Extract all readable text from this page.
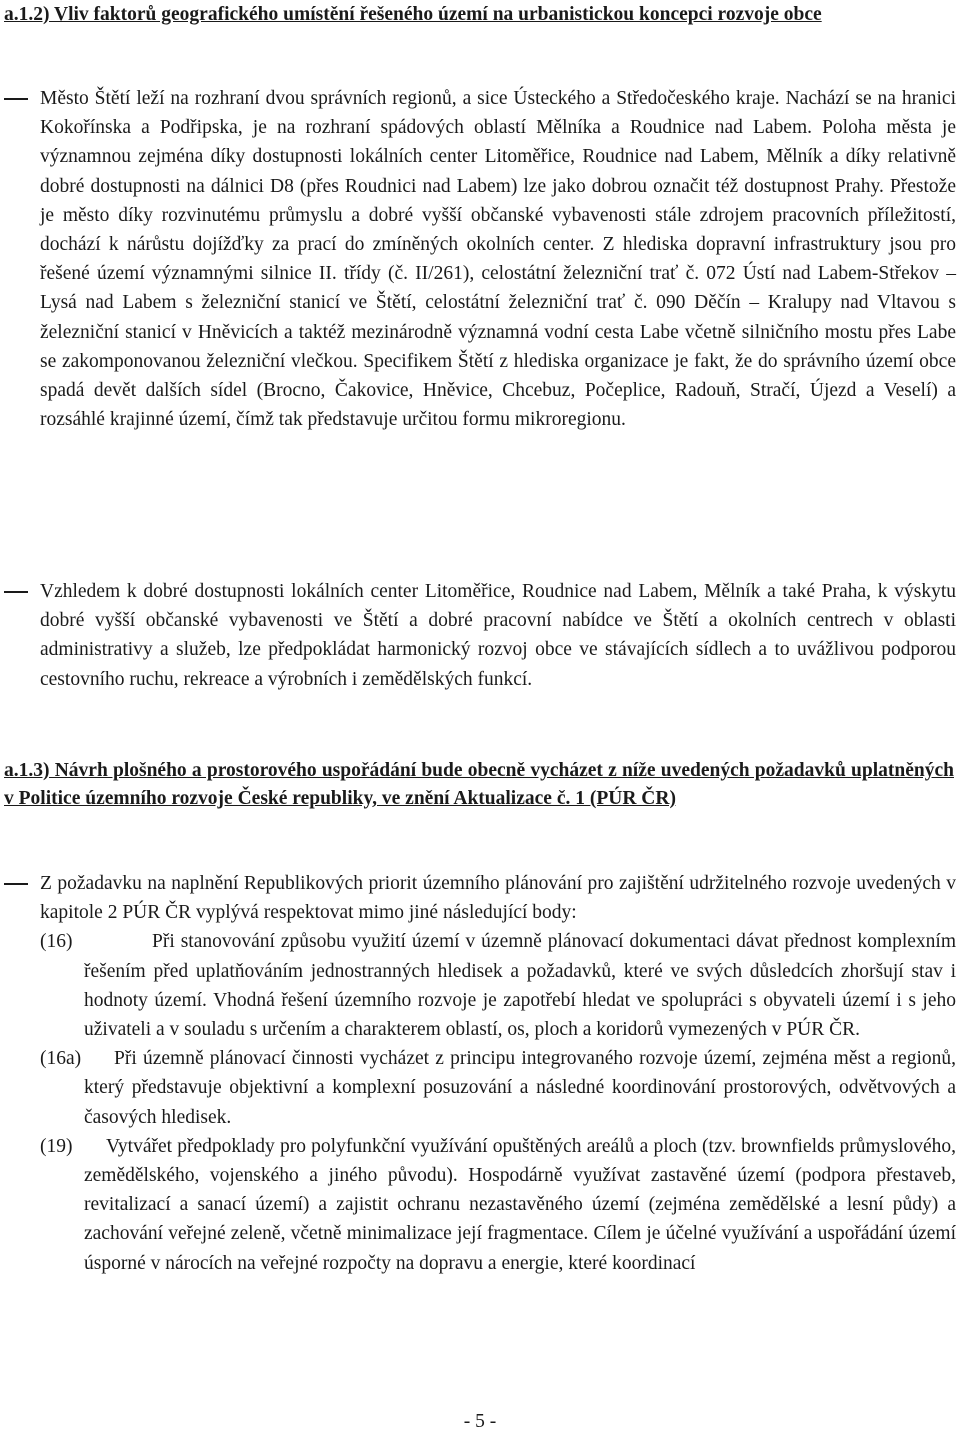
a.1.2) Vliv faktorů geografického umístění řešeného území na urbanistickou koncepci rozvoje obce
Město Štětí leží na rozhraní dvou správních regionů, a sice Ústeckého a Středočeského kraje. Nachází se na hranici Kokořínska a Podřipska, je na rozhraní spádových oblastí Mělníka a Roudnice nad Labem. Poloha města je významnou zejména díky dostupnosti lokálních center Litoměřice, Roudnice nad Labem, Mělník a díky relativně dobré dostupnosti na dálnici D8 (přes Roudnici nad Labem) lze jako dobrou označit též dostupnost Prahy. Přestože je město díky rozvinutému průmyslu a dobré vyšší občanské vybavenosti stále zdrojem pracovních příležitostí, dochází k nárůstu dojížďky za prací do zmíněných okolních center. Z hlediska dopravní infrastruktury jsou pro řešené území významnými silnice II. třídy (č. II/261), celostátní železniční trať č. 072 Ústí nad Labem-Střekov – Lysá nad Labem s železniční stanicí ve Štětí, celostátní železniční trať č. 090 Děčín – Kralupy nad Vltavou s železniční stanicí v Hněvicích a taktéž mezinárodně významná vodní cesta Labe včetně silničního mostu přes Labe se zakomponovanou železniční vlečkou. Specifikem Štětí z hlediska organizace je fakt, že do správního území obce spadá devět dalších sídel (Brocno, Čakovice, Hněvice, Chcebuz, Počeplice, Radouň, Stračí, Újezd a Veselí) a rozsáhlé krajinné území, čímž tak představuje určitou formu mikroregionu.
Vzhledem k dobré dostupnosti lokálních center Litoměřice, Roudnice nad Labem, Mělník a také Praha, k výskytu dobré vyšší občanské vybavenosti ve Štětí a dobré pracovní nabídce ve Štětí a okolních centrech v oblasti administrativy a služeb, lze předpokládat harmonický rozvoj obce ve stávajících sídlech a to uvážlivou podporou cestovního ruchu, rekreace a výrobních i zemědělských funkcí.
a.1.3) Návrh plošného a prostorového uspořádání bude obecně vycházet z níže uvedených požadavků uplatněných v Politice územního rozvoje České republiky, ve znění Aktualizace č. 1 (PÚR ČR)
Z požadavku na naplnění Republikových priorit územního plánování pro zajištění udržitelného rozvoje uvedených v kapitole 2 PÚR ČR vyplývá respektovat mimo jiné následující body:
(16)	Při stanovování způsobu využití území v územně plánovací dokumentaci dávat přednost komplexním řešením před uplatňováním jednostranných hledisek a požadavků, které ve svých důsledcích zhoršují stav i hodnoty území. Vhodná řešení územního rozvoje je zapotřebí hledat ve spolupráci s obyvateli území i s jeho uživateli a v souladu s určením a charakterem oblastí, os, ploch a koridorů vymezených v PÚR ČR.
(16a)	Při územně plánovací činnosti vycházet z principu integrovaného rozvoje území, zejména měst a regionů, který představuje objektivní a komplexní posuzování a následné koordinování prostorových, odvětvových a časových hledisek.
(19)	Vytvářet předpoklady pro polyfunkční využívání opuštěných areálů a ploch (tzv. brownfields průmyslového, zemědělského, vojenského a jiného původu). Hospodárně využívat zastavěné území (podpora přestaveb, revitalizací a sanací území) a zajistit ochranu nezastavěného území (zejména zemědělské a lesní půdy) a zachování veřejné zeleně, včetně minimalizace její fragmentace. Cílem je účelné využívání a uspořádání území úsporné v nárocích na veřejné rozpočty na dopravu a energie, které koordinací
- 5 -
